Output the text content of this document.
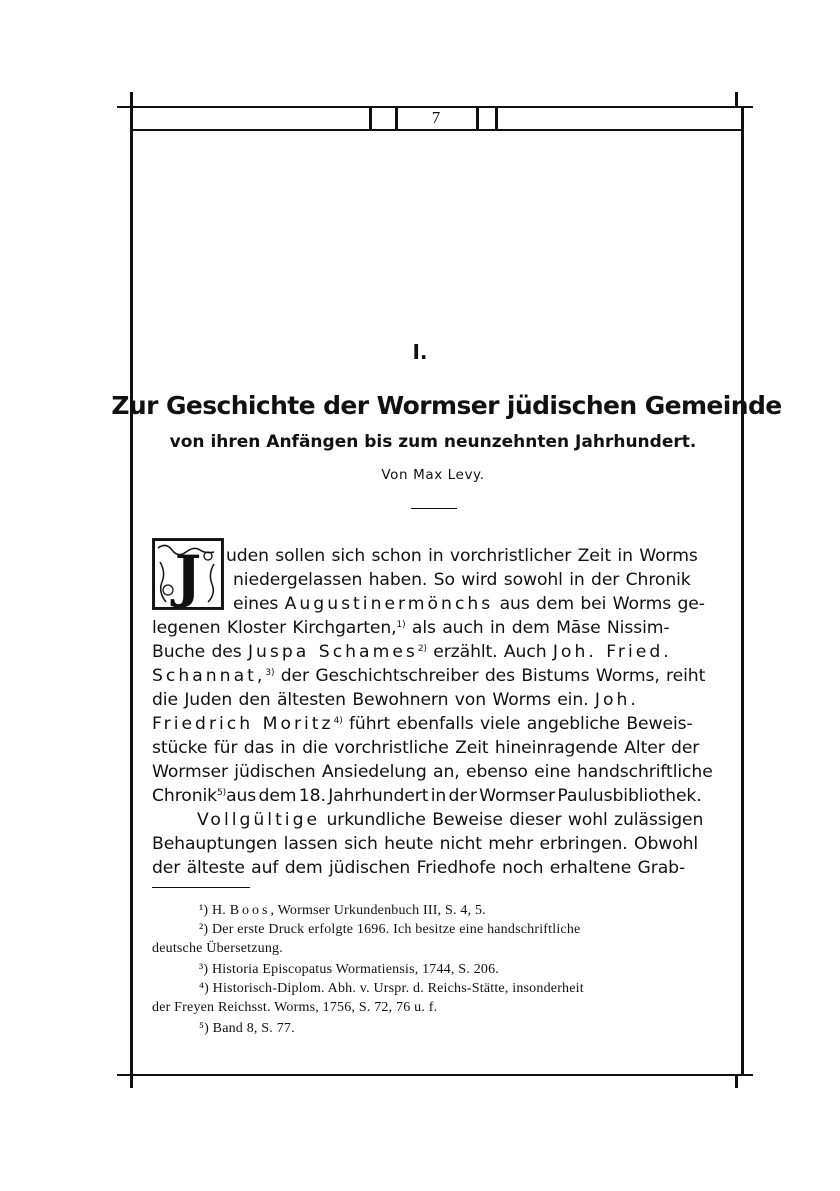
7
I.
Zur Geschichte der Wormser jüdischen Gemeinde
von ihren Anfängen bis zum neunzehnten Jahrhundert.
Von Max Levy.
J uden sollen sich schon in vorchristlicher Zeit in Worms
niedergelassen haben. So wird sowohl in der Chronik
eines Augustinermönchs aus dem bei Worms ge-
legenen Kloster Kirchgarten,$^{1)}$ als auch in dem Māse Nissim-
Buche des Juspa Schames$^{2)}$ erzählt. Auch Joh. Fried.
Schannat,$^{3)}$ der Geschichtschreiber des Bistums Worms, reiht
die Juden den ältesten Bewohnern von Worms ein. Joh.
Friedrich Moritz$^{4)}$ führt ebenfalls viele angebliche Beweis-
stücke für das in die vorchristliche Zeit hineinragende Alter der
Wormser jüdischen Ansiedelung an, ebenso eine handschriftliche
Chronik$^{5)}$aus dem 18. Jahrhundert in der Wormser Paulusbibliothek.
Vollgültige urkundliche Beweise dieser wohl zulässigen
Behauptungen lassen sich heute nicht mehr erbringen. Obwohl
der älteste auf dem jüdischen Friedhofe noch erhaltene Grab-
¹) H. Boos, Wormser Urkundenbuch III, S. 4, 5.
²) Der erste Druck erfolgte 1696. Ich besitze eine handschriftliche
deutsche Übersetzung.
³) Historia Episcopatus Wormatiensis, 1744, S. 206.
⁴) Historisch-Diplom. Abh. v. Urspr. d. Reichs-Stätte, insonderheit
der Freyen Reichsst. Worms, 1756, S. 72, 76 u. f.
⁵) Band 8, S. 77.
